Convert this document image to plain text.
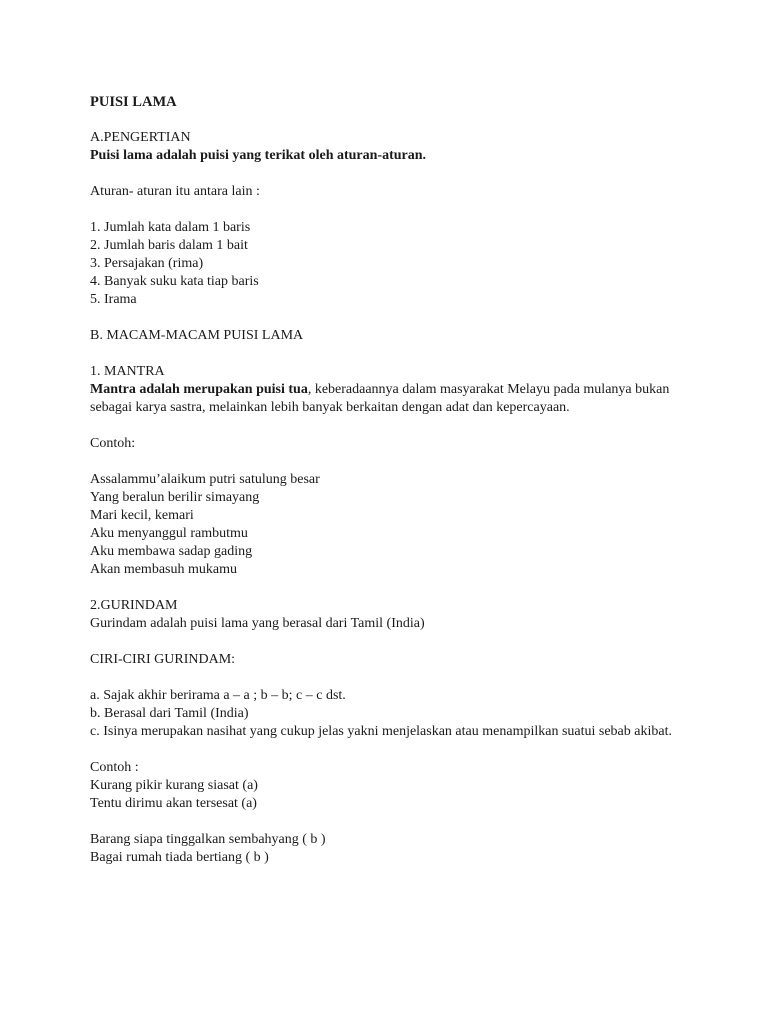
PUISI LAMA
A.PENGERTIAN
Puisi lama adalah puisi yang terikat oleh aturan-aturan.
Aturan- aturan itu antara lain :
1. Jumlah kata dalam 1 baris
2. Jumlah baris dalam 1 bait
3. Persajakan (rima)
4. Banyak suku kata tiap baris
5. Irama
B. MACAM-MACAM PUISI LAMA
1. MANTRA
Mantra adalah merupakan puisi tua, keberadaannya dalam masyarakat Melayu pada mulanya bukan sebagai karya sastra, melainkan lebih banyak berkaitan dengan adat dan kepercayaan.
Contoh:
Assalammu’alaikum putri satulung besar
Yang beralun berilir simayang
Mari kecil, kemari
Aku menyanggul rambutmu
Aku membawa sadap gading
Akan membasuh mukamu
2.GURINDAM
Gurindam adalah puisi lama yang berasal dari Tamil (India)
CIRI-CIRI GURINDAM:
a. Sajak akhir berirama a – a ; b – b; c – c dst.
b. Berasal dari Tamil (India)
c. Isinya merupakan nasihat yang cukup jelas yakni menjelaskan atau menampilkan suatui sebab akibat.
Contoh :
Kurang pikir kurang siasat (a)
Tentu dirimu akan tersesat (a)
Barang siapa tinggalkan sembahyang ( b )
Bagai rumah tiada bertiang ( b )
